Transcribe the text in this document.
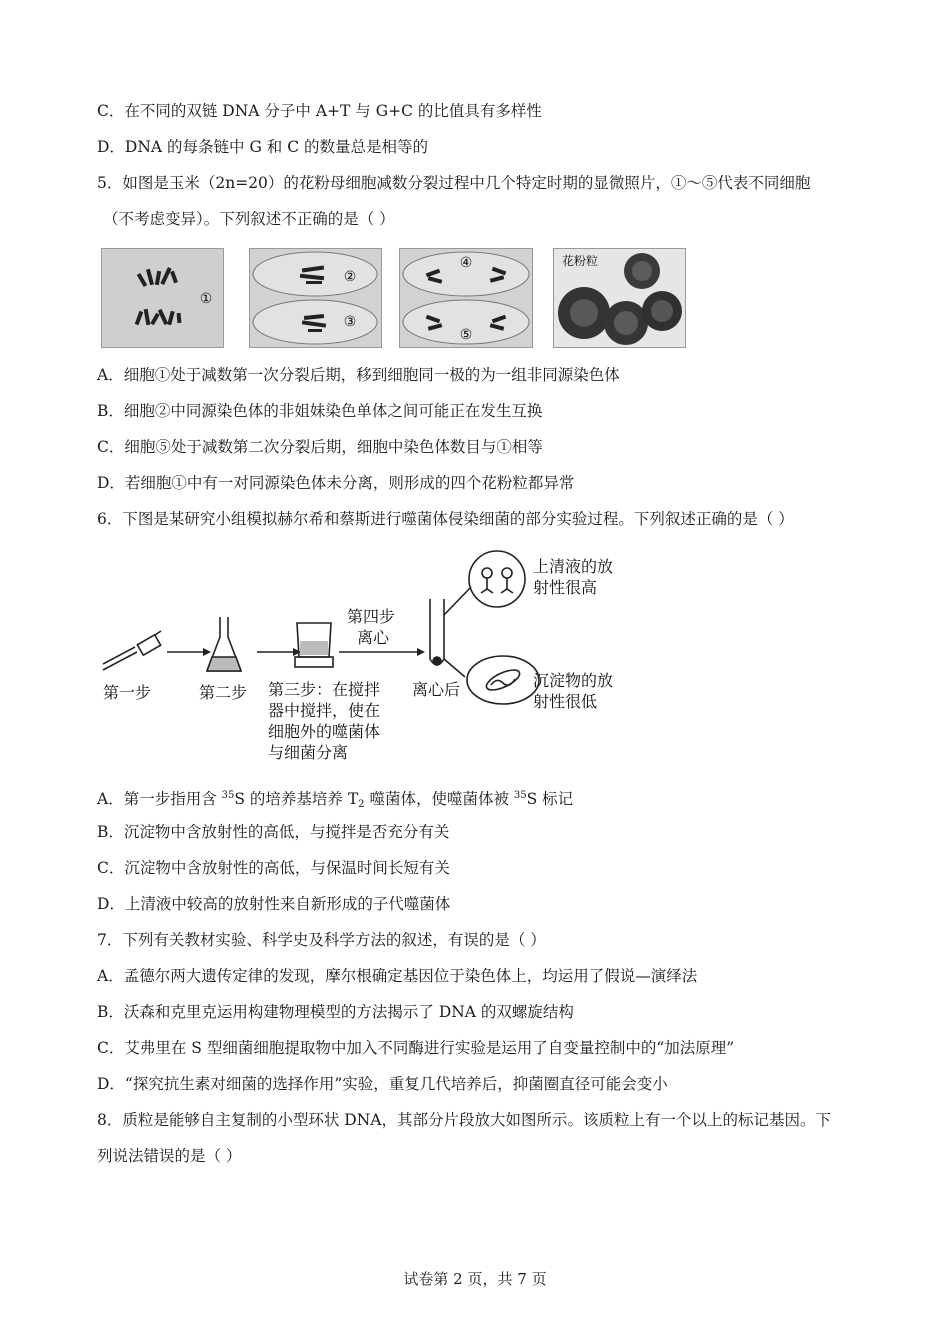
C．在不同的双链 DNA 分子中 A+T 与 G+C 的比值具有多样性
D．DNA 的每条链中 G 和 C 的数量总是相等的
5．如图是玉米（2n=20）的花粉母细胞减数分裂过程中几个特定时期的显微照片，①～⑤代表不同细胞
（不考虑变异）。下列叙述不正确的是（ ）
①
②
③
④
⑤
花粉粒
A．细胞①处于减数第一次分裂后期，移到细胞同一极的为一组非同源染色体
B．细胞②中同源染色体的非姐妹染色单体之间可能正在发生互换
C．细胞⑤处于减数第二次分裂后期，细胞中染色体数目与①相等
D．若细胞①中有一对同源染色体未分离，则形成的四个花粉粒都异常
6．下图是某研究小组模拟赫尔希和蔡斯进行噬菌体侵染细菌的部分实验过程。下列叙述正确的是（ ）
第一步	第二步 第三步：在搅拌
器中搅拌，使在
细胞外的噬菌体
与细菌分离
第四步
离心
离心后
上清液的放
射性很高
沉淀物的放
射性很低
A．第一步指用含 $^{35}$S 的培养基培养 $T_2$ 噬菌体，使噬菌体被 $^{35}$S 标记
B．沉淀物中含放射性的高低，与搅拌是否充分有关
C．沉淀物中含放射性的高低，与保温时间长短有关
D．上清液中较高的放射性来自新形成的子代噬菌体
7．下列有关教材实验、科学史及科学方法的叙述，有误的是（ ）
A．孟德尔两大遗传定律的发现，摩尔根确定基因位于染色体上，均运用了假说—演绎法
B．沃森和克里克运用构建物理模型的方法揭示了 DNA 的双螺旋结构
C．艾弗里在 S 型细菌细胞提取物中加入不同酶进行实验是运用了自变量控制中的“加法原理”
D．“探究抗生素对细菌的选择作用”实验，重复几代培养后，抑菌圈直径可能会变小
8．质粒是能够自主复制的小型环状 DNA，其部分片段放大如图所示。该质粒上有一个以上的标记基因。下
列说法错误的是（ ）
试卷第 2 页，共 7 页
